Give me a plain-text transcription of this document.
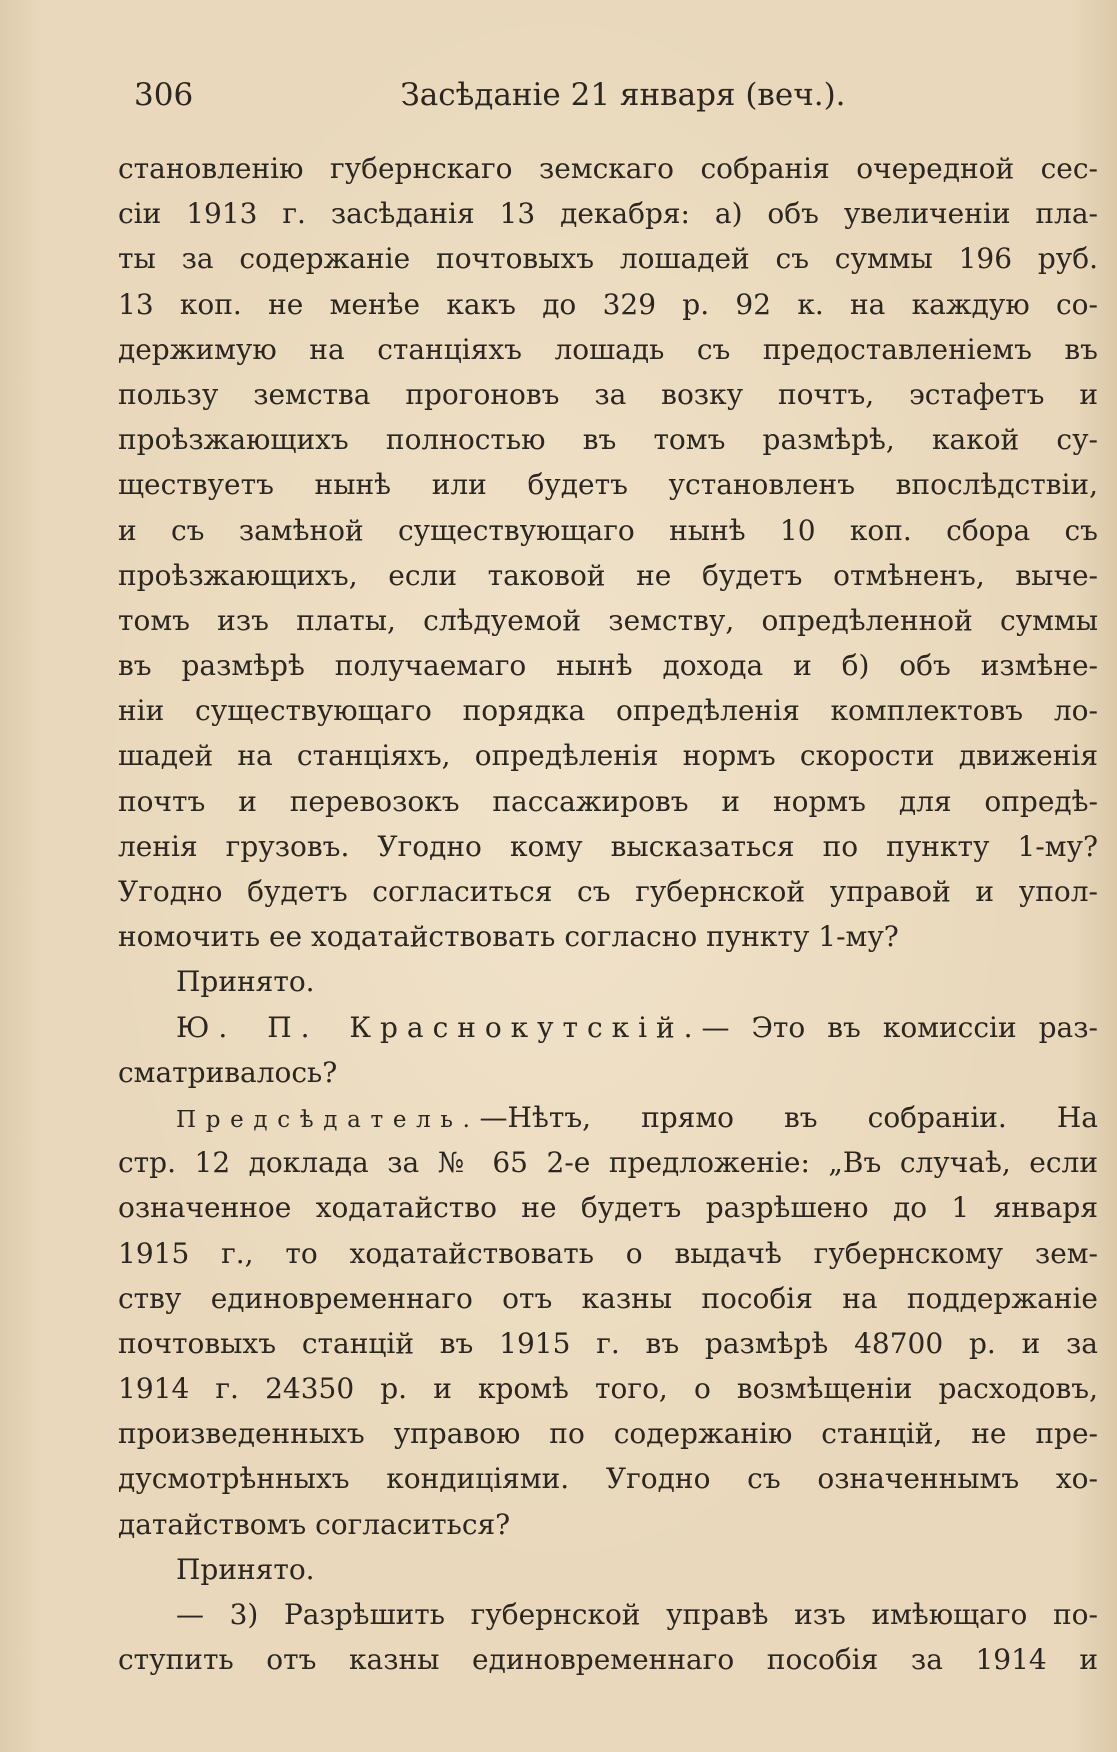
306	Засѣданіе 21 января (веч.).
становленію губернскаго земскаго собранія очередной сес-
сіи 1913 г. засѣданія 13 декабря: а) объ увеличеніи пла-
ты за содержаніе почтовыхъ лошадей съ суммы 196 руб.
13 коп. не менѣе какъ до 329 р. 92 к. на каждую со-
держимую на станціяхъ лошадь съ предоставленіемъ въ
пользу земства прогоновъ за возку почтъ, эстафетъ и
проѣзжающихъ полностью въ томъ размѣрѣ, какой су-
ществуетъ нынѣ или будетъ установленъ впослѣдствіи,
и съ замѣной существующаго нынѣ 10 коп. сбора съ
проѣзжающихъ, если таковой не будетъ отмѣненъ, выче-
томъ изъ платы, слѣдуемой земству, опредѣленной суммы
въ размѣрѣ получаемаго нынѣ дохода и б) объ измѣне-
ніи существующаго порядка опредѣленія комплектовъ ло-
шадей на станціяхъ, опредѣленія нормъ скорости движенія
почтъ и перевозокъ пассажировъ и нормъ для опредѣ-
ленія грузовъ. Угодно кому высказаться по пункту 1-му?
Угодно будетъ согласиться съ губернской управой и упол-
номочить ее ходатайствовать согласно пункту 1-му?
Принято.
Ю. П. Краснокутскій.— Это въ комиссіи раз-
сматривалось?
Предсѣдатель.—Нѣтъ, прямо въ собраніи. На
стр. 12 доклада за № 65 2-е предложеніе: „Въ случаѣ, если
означенное ходатайство не будетъ разрѣшено до 1 января
1915 г., то ходатайствовать о выдачѣ губернскому зем-
ству единовременнаго отъ казны пособія на поддержаніе
почтовыхъ станцій въ 1915 г. въ размѣрѣ 48700 р. и за
1914 г. 24350 р. и кромѣ того, о возмѣщеніи расходовъ,
произведенныхъ управою по содержанію станцій, не пре-
дусмотрѣнныхъ кондиціями. Угодно съ означеннымъ хо-
датайствомъ согласиться?
Принято.
— 3) Разрѣшить губернской управѣ изъ имѣющаго по-
ступить отъ казны единовременнаго пособія за 1914 и
